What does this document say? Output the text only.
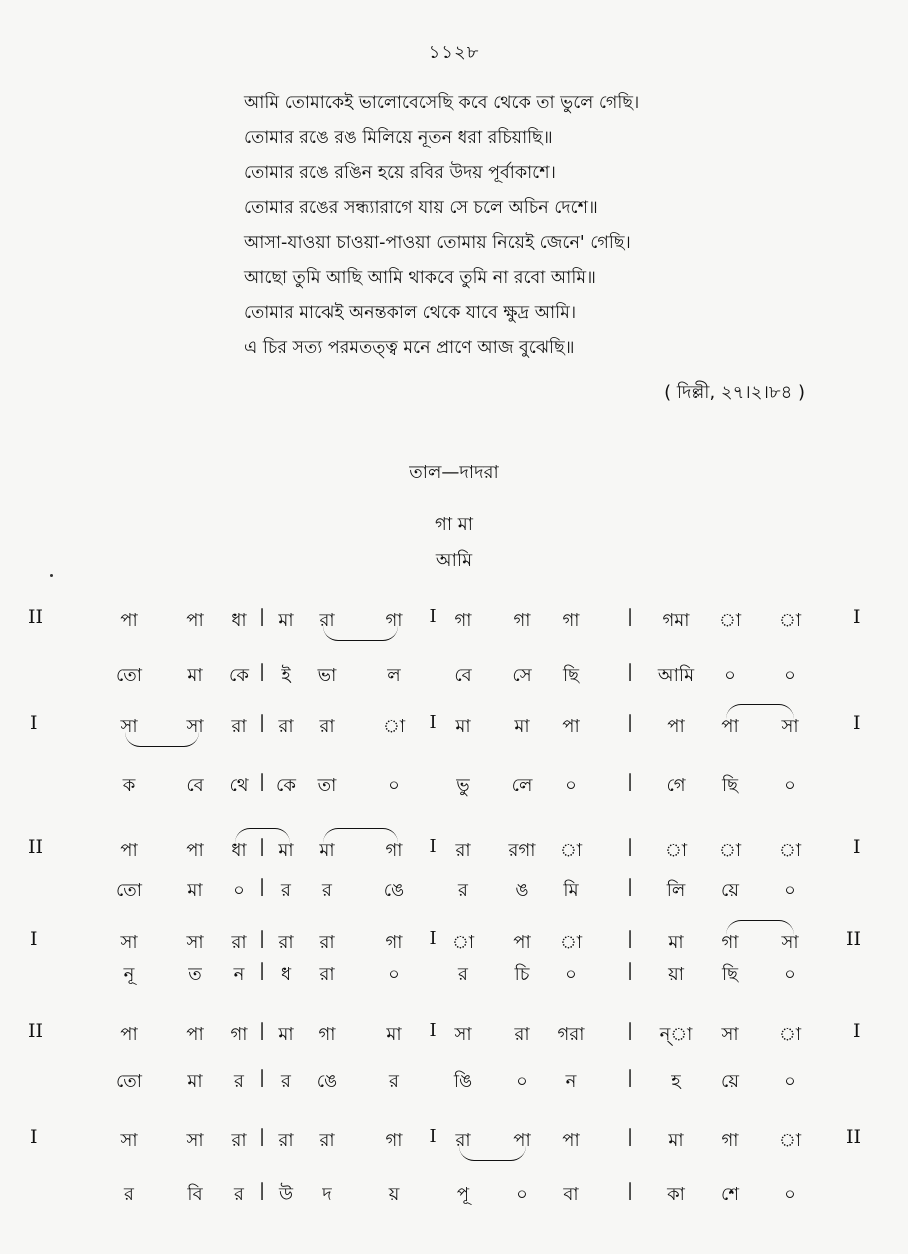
১১২৮
আমি তোমাকেই ভালোবেসেছি কবে থেকে তা ভুলে গেছি।
তোমার রঙে রঙ মিলিয়ে নূতন ধরা রচিয়াছি॥
তোমার রঙে রঙিন হয়ে রবির উদয় পূর্বাকাশে।
তোমার রঙের সন্ধ্যারাগে যায় সে চলে অচিন দেশে॥
আসা-যাওয়া চাওয়া-পাওয়া তোমায় নিয়েই জেনে' গেছি।
আছো তুমি আছি আমি থাকবে তুমি না রবো আমি॥
তোমার মাঝেই অনন্তকাল থেকে যাবে ক্ষুদ্র আমি।
এ চির সত্য পরমতত্ত্ব মনে প্রাণে আজ বুঝেছি॥
( দিল্লী, ২৭।২।৮৪ )
তাল—দাদরা
গা মা
আমি
II	পা	পা ধা | মা রা	গা I গা গা গা	| গমা া া	I
তো	মা কে | ই ভা	ল	বে সে ছি	| আমি ০	০
I	সা	সা রা | রা রা	া I মা মা পা	| পা পা সা	I
ক	বে থে | কে তা	০	ভু লে ০	| গে ছি	০
II	পা	পা ধা | মা মা	গা I রা রগা া | া া া	I
তো	মা ০ | র র	ঙে	র	ঙ মি	| লি য়ে	০
I	সা	সা রা | রা রা	গা I া পা া | মা গা সা II
নূ	ত ন | ধ রা	০	র	চি ০	| য়া ছি	০
II	পা	পা গা | মা গা	মা I সা রা গরা | ন্া সা া	I
তো	মা র | র ঙে	র	ঙি ০ ন	| হ য়ে	০
I	সা	সা রা | রা রা	গা I রা পা পা	| মা গা া II
র	বি র | উ দ	য়	পূ	০ বা	| কা শে	০
